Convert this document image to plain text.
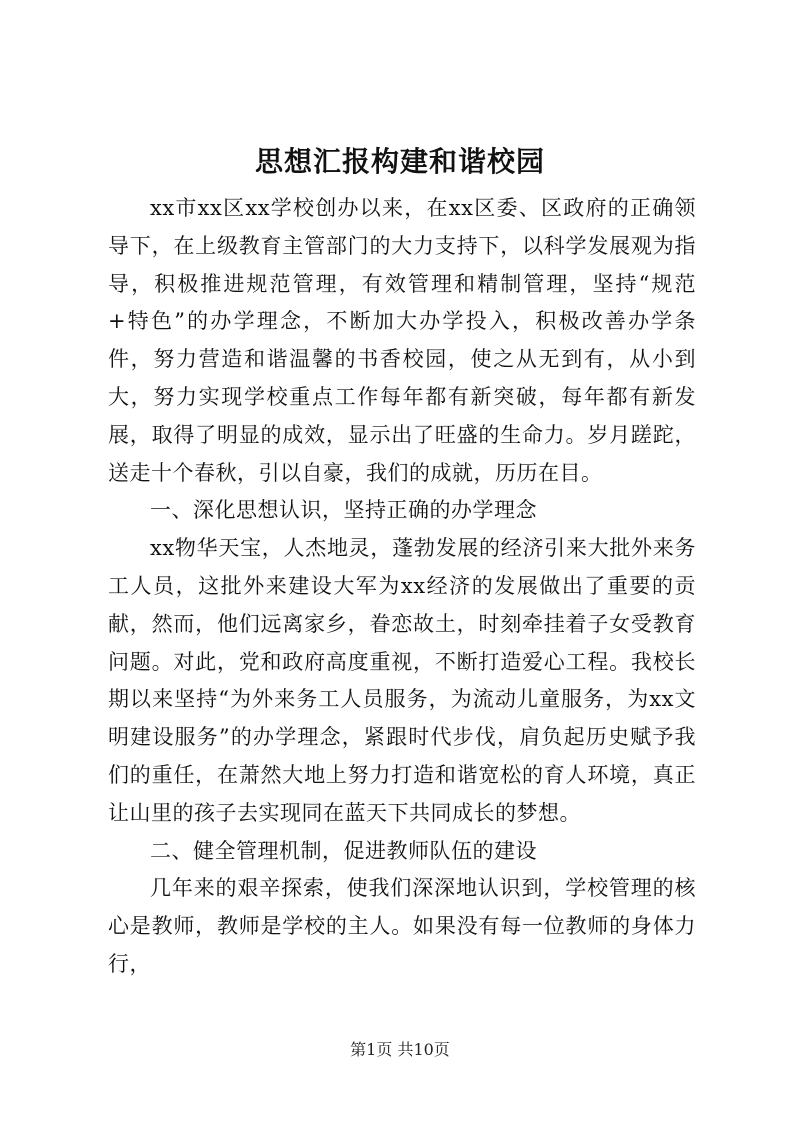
思想汇报构建和谐校园

xx市xx区xx学校创办以来，在xx区委、区政府的正确领导下，在上级教育主管部门的大力支持下，以科学发展观为指导，积极推进规范管理，有效管理和精制管理，坚持“规范+特色”的办学理念，不断加大办学投入，积极改善办学条件，努力营造和谐温馨的书香校园，使之从无到有，从小到大，努力实现学校重点工作每年都有新突破，每年都有新发展，取得了明显的成效，显示出了旺盛的生命力。岁月蹉跎，送走十个春秋，引以自豪，我们的成就，历历在目。

一、深化思想认识，坚持正确的办学理念

xx物华天宝，人杰地灵，蓬勃发展的经济引来大批外来务工人员，这批外来建设大军为xx经济的发展做出了重要的贡献，然而，他们远离家乡，眷恋故土，时刻牵挂着子女受教育问题。对此，党和政府高度重视，不断打造爱心工程。我校长期以来坚持“为外来务工人员服务，为流动儿童服务，为xx文明建设服务”的办学理念，紧跟时代步伐，肩负起历史赋予我们的重任，在萧然大地上努力打造和谐宽松的育人环境，真正让山里的孩子去实现同在蓝天下共同成长的梦想。

二、健全管理机制，促进教师队伍的建设

几年来的艰辛探索，使我们深深地认识到，学校管理的核心是教师，教师是学校的主人。如果没有每一位教师的身体力行，

第1页 共10页
